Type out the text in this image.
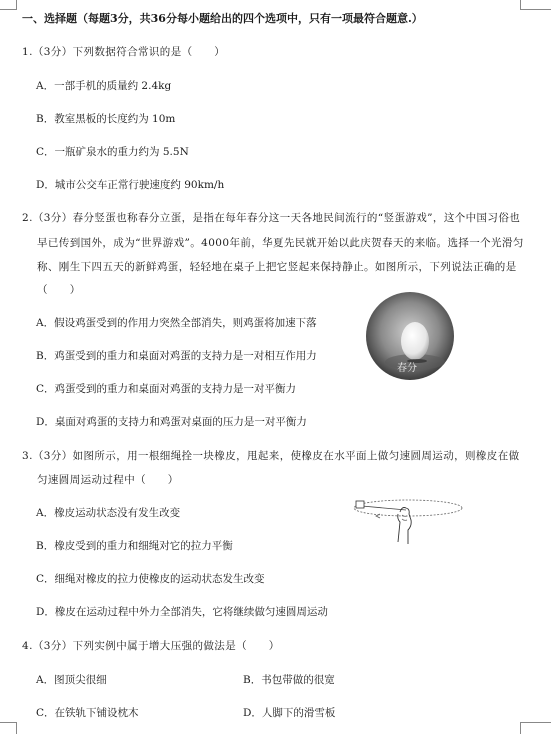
一、选择题（每题3分，共36分每小题给出的四个选项中，只有一项最符合题意.）
1.（3分）下列数据符合常识的是（　　）
A．一部手机的质量约 2.4kg
B．教室黑板的长度约为 10m
C．一瓶矿泉水的重力约为 5.5N
D．城市公交车正常行驶速度约 90km/h
2.（3分）春分竖蛋也称春分立蛋，是指在每年春分这一天各地民间流行的“竖蛋游戏”，这个中国习俗也
早已传到国外，成为“世界游戏”。4000年前，华夏先民就开始以此庆贺春天的来临。选择一个光滑匀
称、刚生下四五天的新鲜鸡蛋，轻轻地在桌子上把它竖起来保持静止。如图所示，下列说法正确的是
（　　）
春分
A．假设鸡蛋受到的作用力突然全部消失，则鸡蛋将加速下落
B．鸡蛋受到的重力和桌面对鸡蛋的支持力是一对相互作用力
C．鸡蛋受到的重力和桌面对鸡蛋的支持力是一对平衡力
D．桌面对鸡蛋的支持力和鸡蛋对桌面的压力是一对平衡力
3.（3分）如图所示，用一根细绳拴一块橡皮，甩起来，使橡皮在水平面上做匀速圆周运动，则橡皮在做
匀速圆周运动过程中（　　）
A．橡皮运动状态没有发生改变
B．橡皮受到的重力和细绳对它的拉力平衡
C．细绳对橡皮的拉力使橡皮的运动状态发生改变
D．橡皮在运动过程中外力全部消失，它将继续做匀速圆周运动
4.（3分）下列实例中属于增大压强的做法是（　　）
A．图顶尖很细	B．书包带做的很宽
C．在铁轨下铺设枕木	D．人脚下的滑雪板
